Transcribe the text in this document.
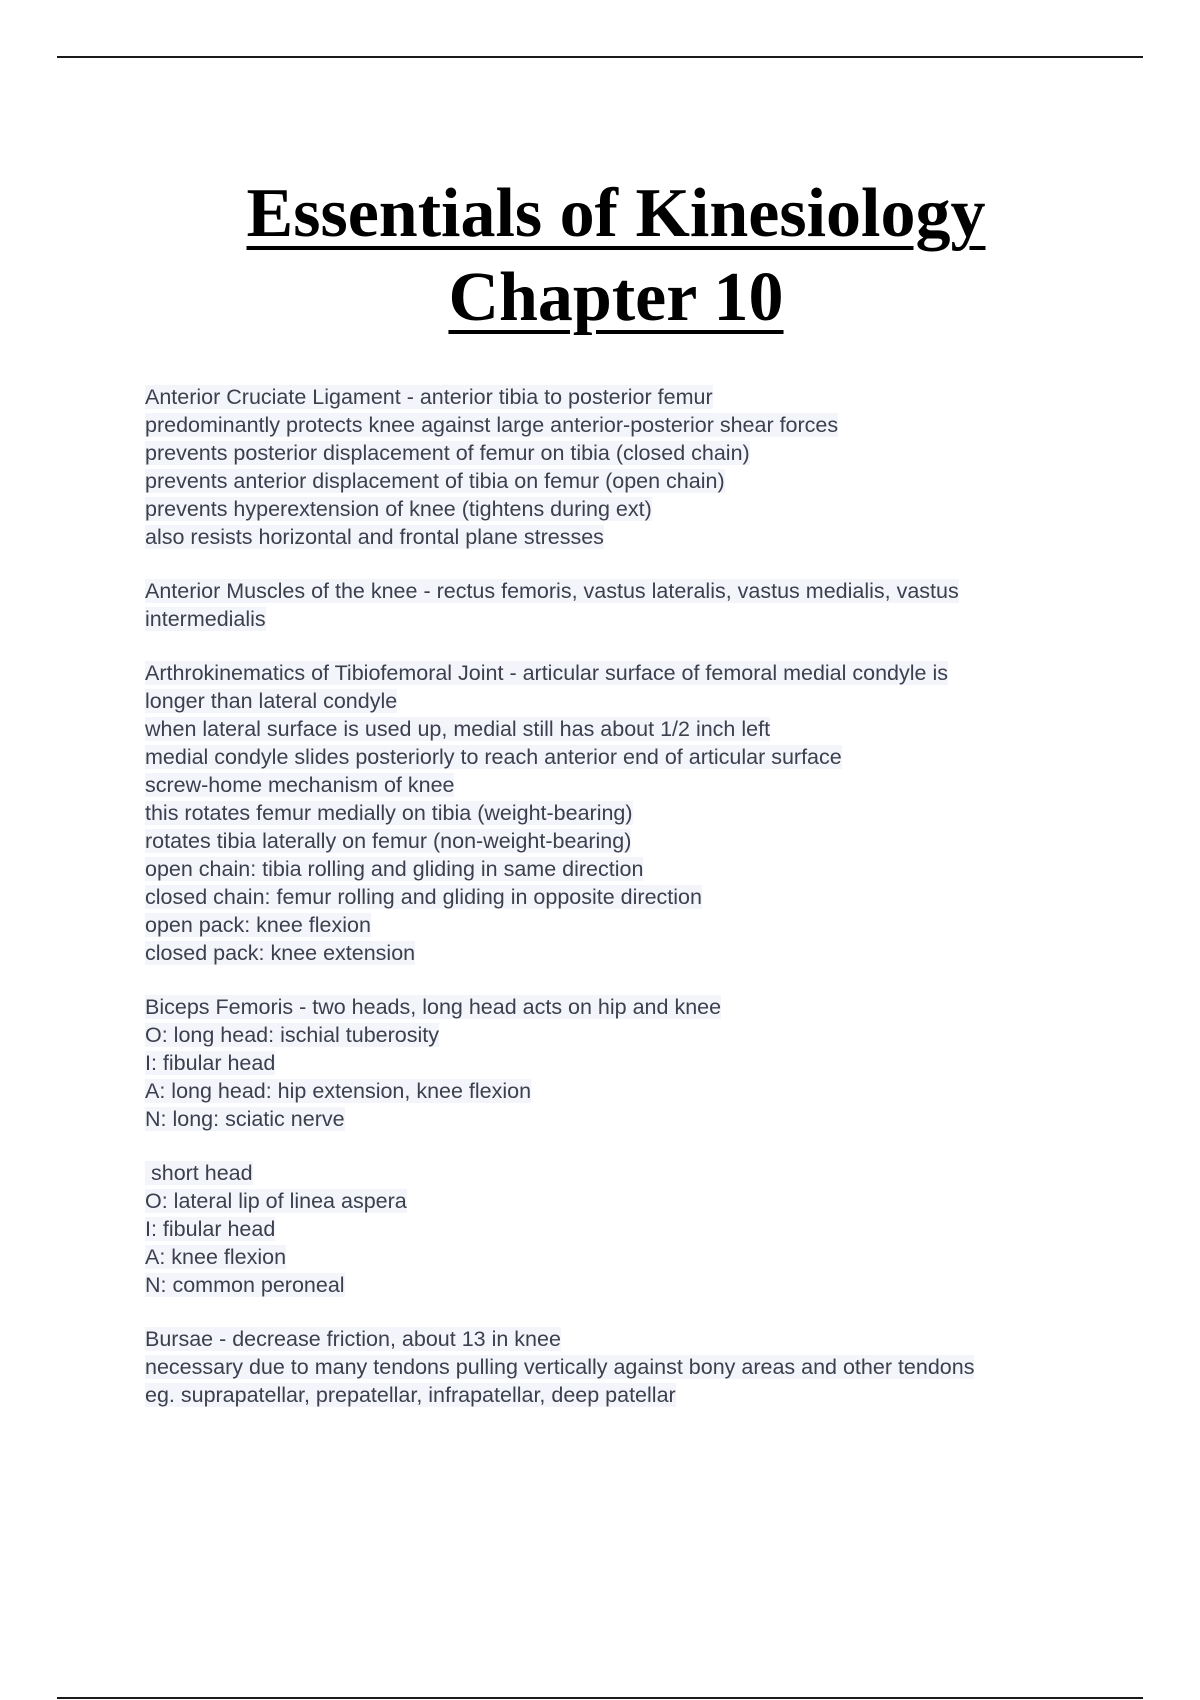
Essentials of Kinesiology
Chapter 10
Anterior Cruciate Ligament - anterior tibia to posterior femur
predominantly protects knee against large anterior-posterior shear forces
prevents posterior displacement of femur on tibia (closed chain)
prevents anterior displacement of tibia on femur (open chain)
prevents hyperextension of knee (tightens during ext)
also resists horizontal and frontal plane stresses
Anterior Muscles of the knee - rectus femoris, vastus lateralis, vastus medialis, vastus
intermedialis
Arthrokinematics of Tibiofemoral Joint - articular surface of femoral medial condyle is
longer than lateral condyle
when lateral surface is used up, medial still has about 1/2 inch left
medial condyle slides posteriorly to reach anterior end of articular surface
screw-home mechanism of knee
this rotates femur medially on tibia (weight-bearing)
rotates tibia laterally on femur (non-weight-bearing)
open chain: tibia rolling and gliding in same direction
closed chain: femur rolling and gliding in opposite direction
open pack: knee flexion
closed pack: knee extension
Biceps Femoris - two heads, long head acts on hip and knee
O: long head: ischial tuberosity
I: fibular head
A: long head: hip extension, knee flexion
N: long: sciatic nerve
short head
O: lateral lip of linea aspera
I: fibular head
A: knee flexion
N: common peroneal
Bursae - decrease friction, about 13 in knee
necessary due to many tendons pulling vertically against bony areas and other tendons
eg. suprapatellar, prepatellar, infrapatellar, deep patellar
